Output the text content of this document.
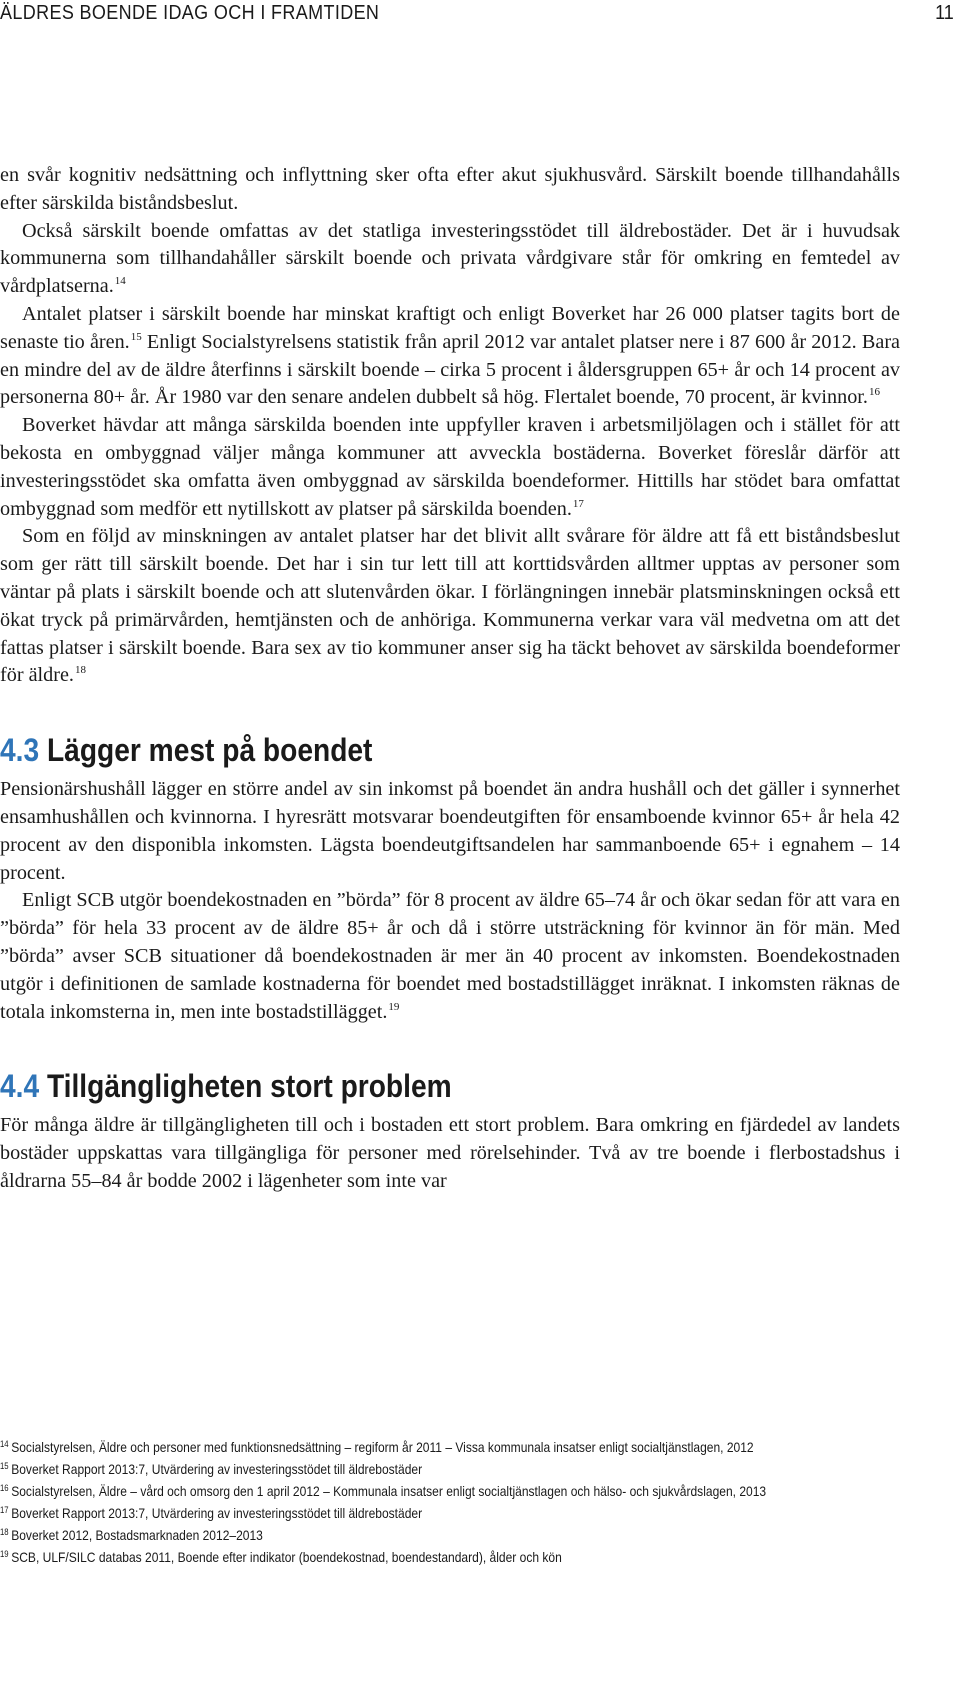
ÄLDRES BOENDE IDAG OCH I FRAMTIDEN	11

en svår kognitiv nedsättning och inflyttning sker ofta efter akut sjukhusvård. Särskilt boende tillhandahålls efter särskilda biståndsbeslut.

Också särskilt boende omfattas av det statliga investeringsstödet till äldrebostäder. Det är i huvudsak kommunerna som tillhandahåller särskilt boende och privata vårdgivare står för omkring en femtedel av vårdplatserna.$^{14}$

Antalet platser i särskilt boende har minskat kraftigt och enligt Boverket har 26 000 platser tagits bort de senaste tio åren.$^{15}$ Enligt Socialstyrelsens statistik från april 2012 var antalet platser nere i 87 600 år 2012. Bara en mindre del av de äldre återfinns i särskilt boende – cirka 5 procent i åldersgruppen 65+ år och 14 procent av personerna 80+ år. År 1980 var den senare andelen dubbelt så hög. Flertalet boende, 70 procent, är kvinnor.$^{16}$

Boverket hävdar att många särskilda boenden inte uppfyller kraven i arbetsmiljölagen och i stället för att bekosta en ombyggnad väljer många kommuner att avveckla bostäderna. Boverket föreslår därför att investeringsstödet ska omfatta även ombyggnad av särskilda boendeformer. Hittills har stödet bara omfattat ombyggnad som medför ett nytillskott av platser på särskilda boenden.$^{17}$

Som en följd av minskningen av antalet platser har det blivit allt svårare för äldre att få ett biståndsbeslut som ger rätt till särskilt boende. Det har i sin tur lett till att korttidsvården alltmer upptas av personer som väntar på plats i särskilt boende och att slutenvården ökar. I förlängningen innebär platsminskningen också ett ökat tryck på primärvården, hemtjänsten och de anhöriga. Kommunerna verkar vara väl medvetna om att det fattas platser i särskilt boende. Bara sex av tio kommuner anser sig ha täckt behovet av särskilda boendeformer för äldre.$^{18}$

4.3 Lägger mest på boendet

Pensionärshushåll lägger en större andel av sin inkomst på boendet än andra hushåll och det gäller i synnerhet ensamhushållen och kvinnorna. I hyresrätt motsvarar boendeutgiften för ensamboende kvinnor 65+ år hela 42 procent av den disponibla inkomsten. Lägsta boendeutgiftsandelen har sammanboende 65+ i egnahem – 14 procent.

Enligt SCB utgör boendekostnaden en ”börda” för 8 procent av äldre 65–74 år och ökar sedan för att vara en ”börda” för hela 33 procent av de äldre 85+ år och då i större utsträckning för kvinnor än för män. Med ”börda” avser SCB situationer då boendekostnaden är mer än 40 procent av inkomsten. Boendekostnaden utgör i definitionen de samlade kostnaderna för boendet med bostadstillägget inräknat. I inkomsten räknas de totala inkomsterna in, men inte bostadstillägget.$^{19}$

4.4 Tillgängligheten stort problem

För många äldre är tillgängligheten till och i bostaden ett stort problem. Bara omkring en fjärdedel av landets bostäder uppskattas vara tillgängliga för personer med rörelsehinder. Två av tre boende i flerbostadshus i åldrarna 55–84 år bodde 2002 i lägenheter som inte var

$^{14}$ Socialstyrelsen, Äldre och personer med funktionsnedsättning – regiform år 2011 – Vissa kommunala insatser enligt socialtjänstlagen, 2012
$^{15}$ Boverket Rapport 2013:7, Utvärdering av investeringsstödet till äldrebostäder
$^{16}$ Socialstyrelsen, Äldre – vård och omsorg den 1 april 2012 – Kommunala insatser enligt socialtjänstlagen och hälso- och sjukvårdslagen, 2013
$^{17}$ Boverket Rapport 2013:7, Utvärdering av investeringsstödet till äldrebostäder
$^{18}$ Boverket 2012, Bostadsmarknaden 2012–2013
$^{19}$ SCB, ULF/SILC databas 2011, Boende efter indikator (boendekostnad, boendestandard), ålder och kön
